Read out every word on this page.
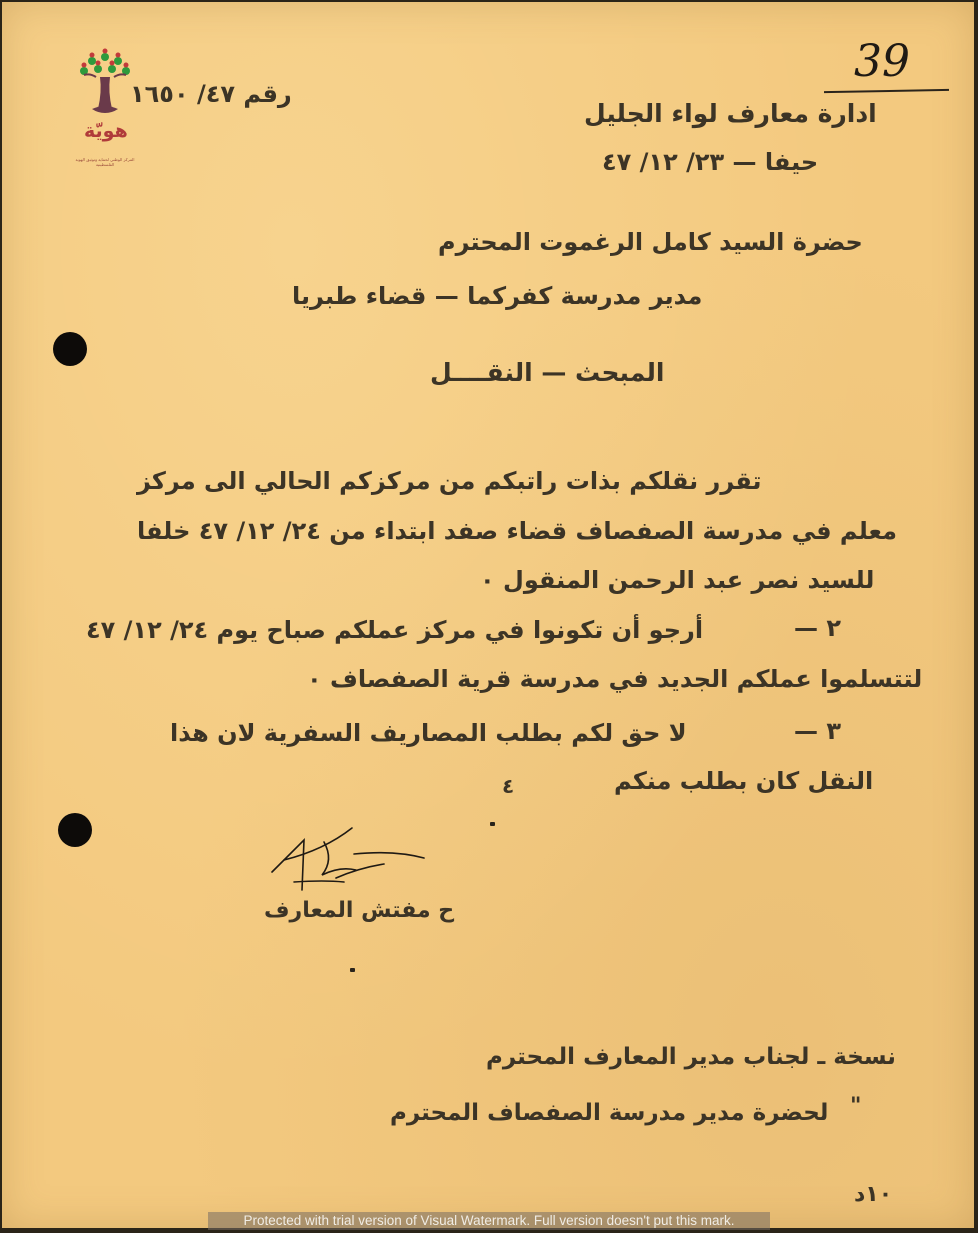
هويّة
المركز الوطني لحماية وتوثيق الهوية الفلسطينية
39
رقم ٤٧/ ١٦٥٠
ادارة معارف لواء الجليل
حيفا — ٢٣/ ١٢/ ٤٧
حضرة السيد كامل الرغموت المحترم
مدير مدرسة كفركما — قضاء طبريا
المبحث — النقــــل
تقرر نقلكم بذات راتبكم من مركزكم الحالي الى مركز
معلم في مدرسة الصفصاف قضاء صفد ابتداء من ٢٤/ ١٢/ ٤٧ خلفا
للسيد نصر عبد الرحمن المنقول ٠
٢ —
أرجو أن تكونوا في مركز عملكم صباح يوم ٢٤/ ١٢/ ٤٧
لتتسلموا عملكم الجديد في مدرسة قرية الصفصاف ٠
٣ —
لا حق لكم بطلب المصاريف السفرية لان هذا
النقل كان بطلب منكم
٤
ح مفتش المعارف
نسخة ـ لجناب مدير المعارف المحترم
"
لحضرة مدير مدرسة الصفصاف المحترم
١٠د
Protected with trial version of Visual Watermark. Full version doesn't put this mark.
